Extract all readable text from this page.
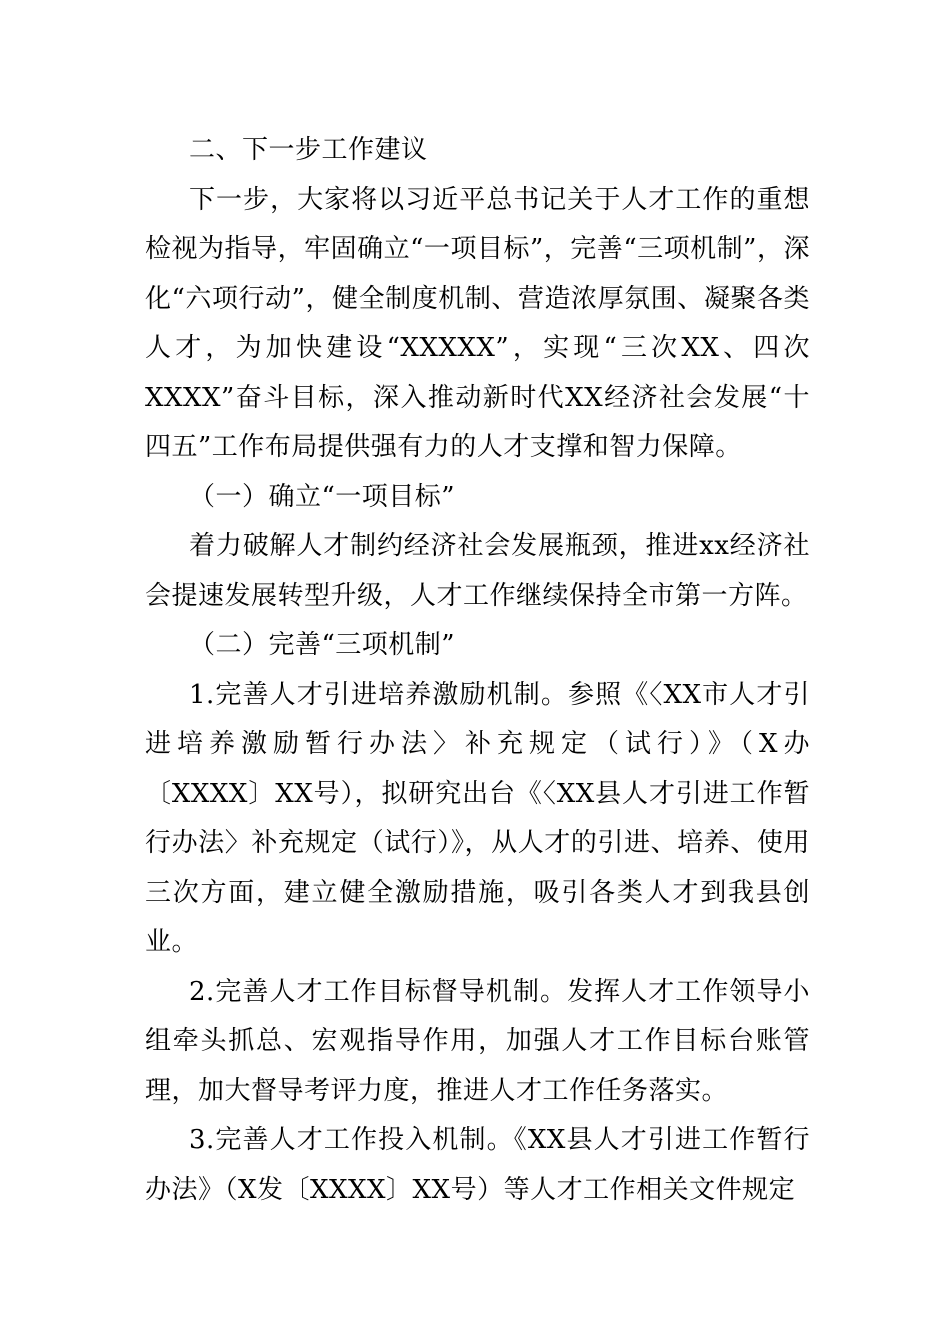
二、下一步工作建议

下一步，大家将以习近平总书记关于人才工作的重想检视为指导，牢固确立“一项目标”，完善“三项机制”，深化“六项行动”，健全制度机制、营造浓厚氛围、凝聚各类人才，为加快建设“XXXXX”，实现“三次XX、四次XXXX”奋斗目标，深入推动新时代XX经济社会发展“十四五”工作布局提供强有力的人才支撑和智力保障。

（一）确立“一项目标”

着力破解人才制约经济社会发展瓶颈，推进xx经济社会提速发展转型升级，人才工作继续保持全市第一方阵。

（二）完善“三项机制”

1.完善人才引进培养激励机制。参照《〈XX市人才引进培养激励暂行办法〉补充规定（试行）》（X办〔XXXX〕XX号），拟研究出台《〈XX县人才引进工作暂行办法〉补充规定（试行）》，从人才的引进、培养、使用三次方面，建立健全激励措施，吸引各类人才到我县创业。

2.完善人才工作目标督导机制。发挥人才工作领导小组牵头抓总、宏观指导作用，加强人才工作目标台账管理，加大督导考评力度，推进人才工作任务落实。

3.完善人才工作投入机制。《XX县人才引进工作暂行办法》（X发〔XXXX〕XX号）等人才工作相关文件规定
